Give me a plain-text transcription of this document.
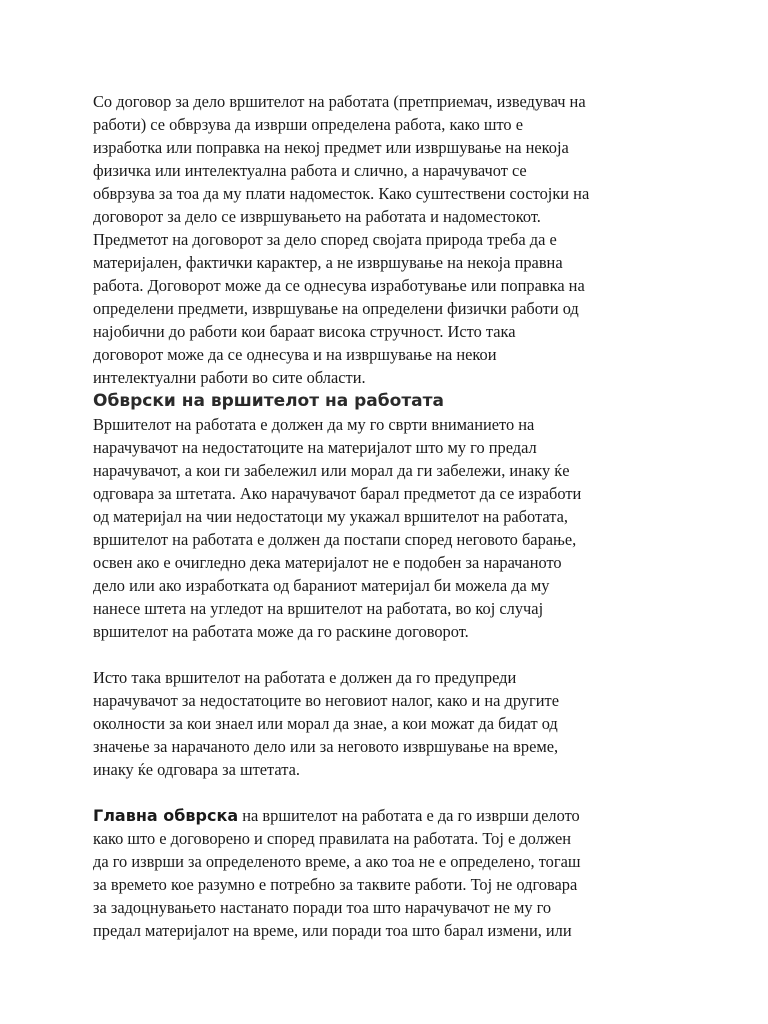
Со договор за дело вршителот на работата (претприемач, изведувач на
работи) се обврзува да изврши определена работа, како што е
изработка или поправка на некој предмет или извршување на некоја
физичка или интелектуална работа и слично, а нарачувачот се
обврзува за тоа да му плати надоместок. Како суштествени состојки на
договорот за дело се извршувањето на работата и надоместокот.
Предметот на договорот за дело според својата природа треба да е
материјален, фактички карактер, а не извршување на некоја правна
работа. Договорот може да се однесува изработување или поправка на
определени предмети, извршување на определени физички работи од
најобични до работи кои бараат висока стручност. Исто така
договорот може да се однесува и на извршување на некои
интелектуални работи во сите области.

Обврски на вршителот на работата

Вршителот на работата е должен да му го сврти вниманието на
нарачувачот на недостатоците на материјалот што му го предал
нарачувачот, а кои ги забележил или морал да ги забележи, инаку ќе
одговара за штетата. Ако нарачувачот барал предметот да се изработи
од материјал на чии недостатоци му укажал вршителот на работата,
вршителот на работата е должен да постапи според неговото барање,
освен ако е очигледно дека материјалот не е подобен за нарачаното
дело или ако изработката од бараниот материјал би можела да му
нанесе штета на угледот на вршителот на работата, во кој случај
вршителот на работата може да го раскине договорот.

Исто така вршителот на работата е должен да го предупреди
нарачувачот за недостатоците во неговиот налог, како и на другите
околности за кои знаел или морал да знае, а кои можат да бидат од
значење за нарачаното дело или за неговото извршување на време,
инаку ќе одговара за штетата.

Главна обврска на вршителот на работата е да го изврши делото
како што е договорено и според правилата на работата. Тој е должен
да го изврши за определеното време, а ако тоа не е определено, тогаш
за времето кое разумно е потребно за таквите работи. Тој не одговара
за задоцнувањето настанато поради тоа што нарачувачот не му го
предал материјалот на време, или поради тоа што барал измени, или
